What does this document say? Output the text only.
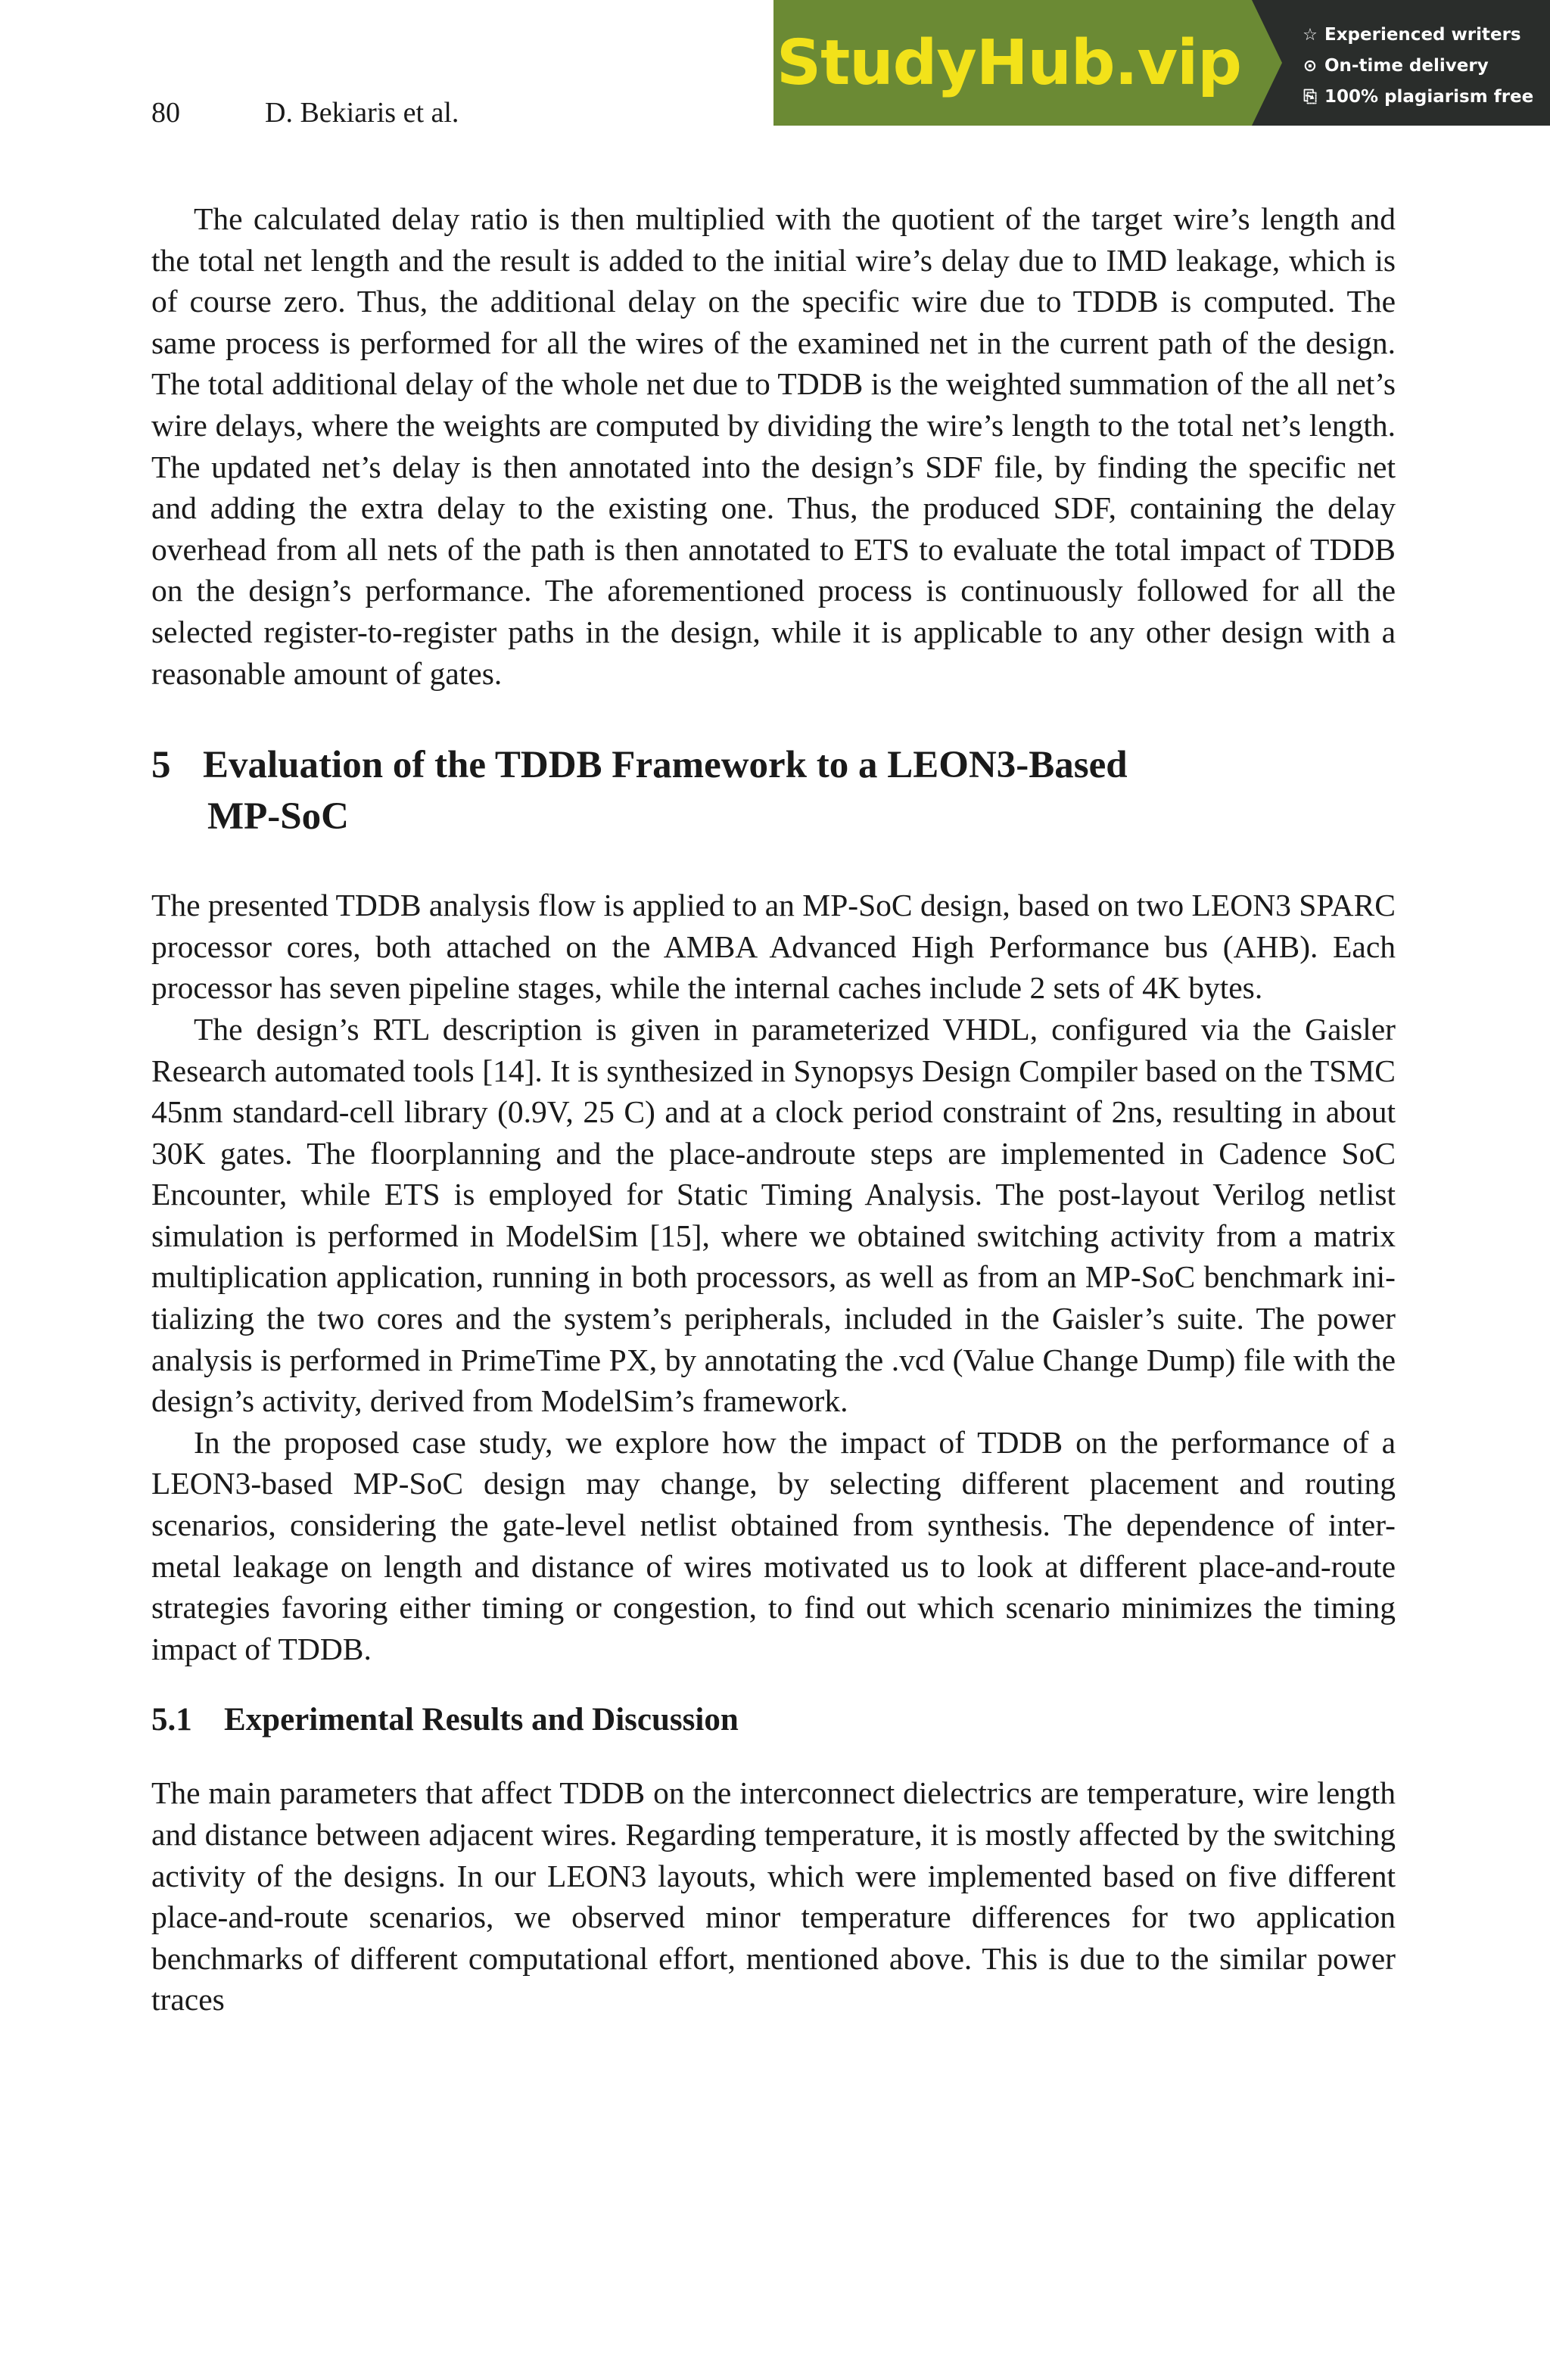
80	D. Bekiaris et al.
StudyHub.vip	☆ Experienced writers
⊙ On-time delivery
⎘ 100% plagiarism free

The calculated delay ratio is then multiplied with the quotient of the target wire’s length and the total net length and the result is added to the initial wire’s delay due to IMD leakage, which is of course zero. Thus, the additional delay on the specific wire due to TDDB is computed. The same process is performed for all the wires of the examined net in the current path of the design. The total additional delay of the whole net due to TDDB is the weighted summation of the all net’s wire delays, where the weights are computed by dividing the wire’s length to the total net’s length. The updated net’s delay is then annotated into the design’s SDF file, by finding the specific net and adding the extra delay to the existing one. Thus, the produced SDF, containing the delay overhead from all nets of the path is then annotated to ETS to evaluate the total impact of TDDB on the design’s performance. The aforementioned process is continuously followed for all the selected register-to-register paths in the design, while it is applicable to any other design with a reasonable amount of gates.

5 Evaluation of the TDDB Framework to a LEON3-Based
MP-SoC

The presented TDDB analysis flow is applied to an MP-SoC design, based on two LEON3 SPARC processor cores, both attached on the AMBA Advanced High Performance bus (AHB). Each processor has seven pipeline stages, while the internal caches include 2 sets of 4K bytes.

The design’s RTL description is given in parameterized VHDL, configured via the Gaisler Research automated tools [14]. It is synthesized in Synopsys Design Compiler based on the TSMC 45nm standard-cell library (0.9V, 25 C) and at a clock period constraint of 2ns, resulting in about 30K gates. The floorplanning and the place-androute steps are implemented in Cadence SoC Encounter, while ETS is employed for Static Timing Analysis. The post-layout Verilog netlist simulation is performed in ModelSim [15], where we obtained switching activity from a matrix multiplication application, running in both processors, as well as from an MP-SoC benchmark initializing the two cores and the system’s peripherals, included in the Gaisler’s suite. The power analysis is performed in PrimeTime PX, by annotating the .vcd (Value Change Dump) file with the design’s activity, derived from ModelSim’s framework.

In the proposed case study, we explore how the impact of TDDB on the performance of a LEON3-based MP-SoC design may change, by selecting different placement and routing scenarios, considering the gate-level netlist obtained from synthesis. The dependence of inter-metal leakage on length and distance of wires motivated us to look at different place-and-route strategies favoring either timing or congestion, to find out which scenario minimizes the timing impact of TDDB.

5.1 Experimental Results and Discussion

The main parameters that affect TDDB on the interconnect dielectrics are temperature, wire length and distance between adjacent wires. Regarding temperature, it is mostly affected by the switching activity of the designs. In our LEON3 layouts, which were implemented based on five different place-and-route scenarios, we observed minor temperature differences for two application benchmarks of different computational effort, mentioned above. This is due to the similar power traces
